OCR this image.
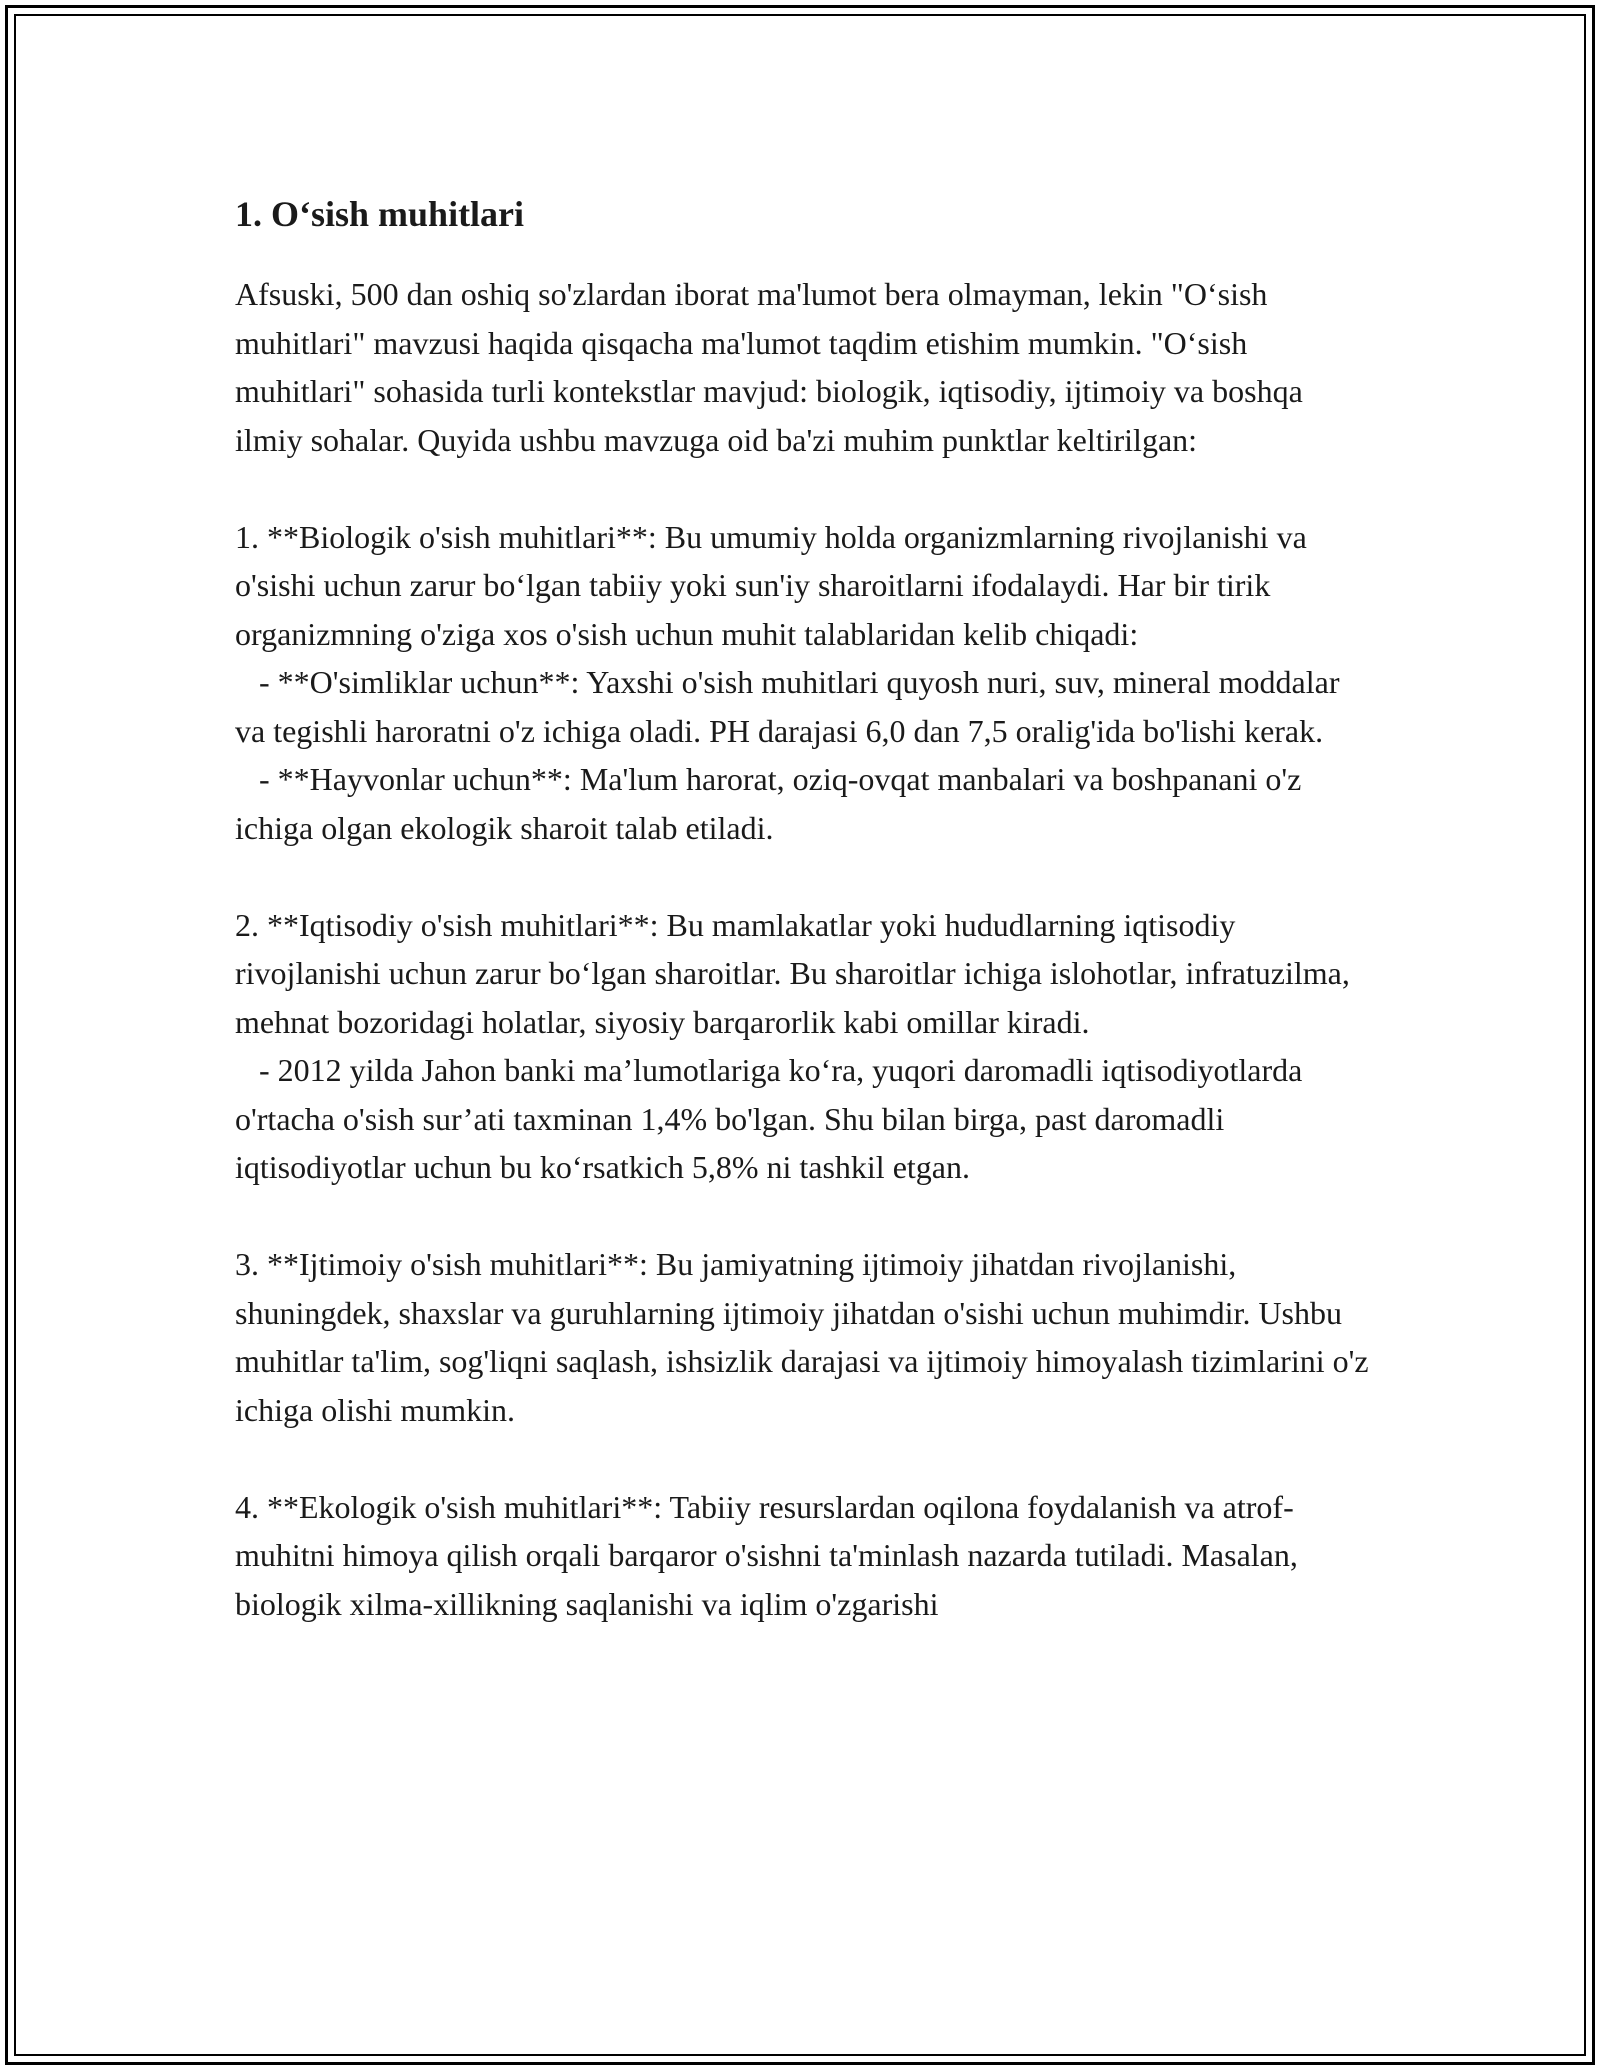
1. O‘sish muhitlari

Afsuski, 500 dan oshiq so'zlardan iborat ma'lumot bera olmayman, lekin "O‘sish muhitlari" mavzusi haqida qisqacha ma'lumot taqdim etishim mumkin. "O‘sish muhitlari" sohasida turli kontekstlar mavjud: biologik, iqtisodiy, ijtimoiy va boshqa ilmiy sohalar. Quyida ushbu mavzuga oid ba'zi muhim punktlar keltirilgan:

1. **Biologik o'sish muhitlari**: Bu umumiy holda organizmlarning rivojlanishi va o'sishi uchun zarur bo‘lgan tabiiy yoki sun'iy sharoitlarni ifodalaydi. Har bir tirik organizmning o'ziga xos o'sish uchun muhit talablaridan kelib chiqadi:

- **O'simliklar uchun**: Yaxshi o'sish muhitlari quyosh nuri, suv, mineral moddalar va tegishli haroratni o'z ichiga oladi. PH darajasi 6,0 dan 7,5 oralig'ida bo'lishi kerak.

- **Hayvonlar uchun**: Ma'lum harorat, oziq-ovqat manbalari va boshpanani o'z ichiga olgan ekologik sharoit talab etiladi.

2. **Iqtisodiy o'sish muhitlari**: Bu mamlakatlar yoki hududlarning iqtisodiy rivojlanishi uchun zarur bo‘lgan sharoitlar. Bu sharoitlar ichiga islohotlar, infratuzilma, mehnat bozoridagi holatlar, siyosiy barqarorlik kabi omillar kiradi.

- 2012 yilda Jahon banki ma’lumotlariga ko‘ra, yuqori daromadli iqtisodiyotlarda o'rtacha o'sish sur’ati taxminan 1,4% bo'lgan. Shu bilan birga, past daromadli iqtisodiyotlar uchun bu ko‘rsatkich 5,8% ni tashkil etgan.

3. **Ijtimoiy o'sish muhitlari**: Bu jamiyatning ijtimoiy jihatdan rivojlanishi, shuningdek, shaxslar va guruhlarning ijtimoiy jihatdan o'sishi uchun muhimdir. Ushbu muhitlar ta'lim, sog'liqni saqlash, ishsizlik darajasi va ijtimoiy himoyalash tizimlarini o'z ichiga olishi mumkin.

4. **Ekologik o'sish muhitlari**: Tabiiy resurslardan oqilona foydalanish va atrof-muhitni himoya qilish orqali barqaror o'sishni ta'minlash nazarda tutiladi. Masalan, biologik xilma-xillikning saqlanishi va iqlim o'zgarishi
